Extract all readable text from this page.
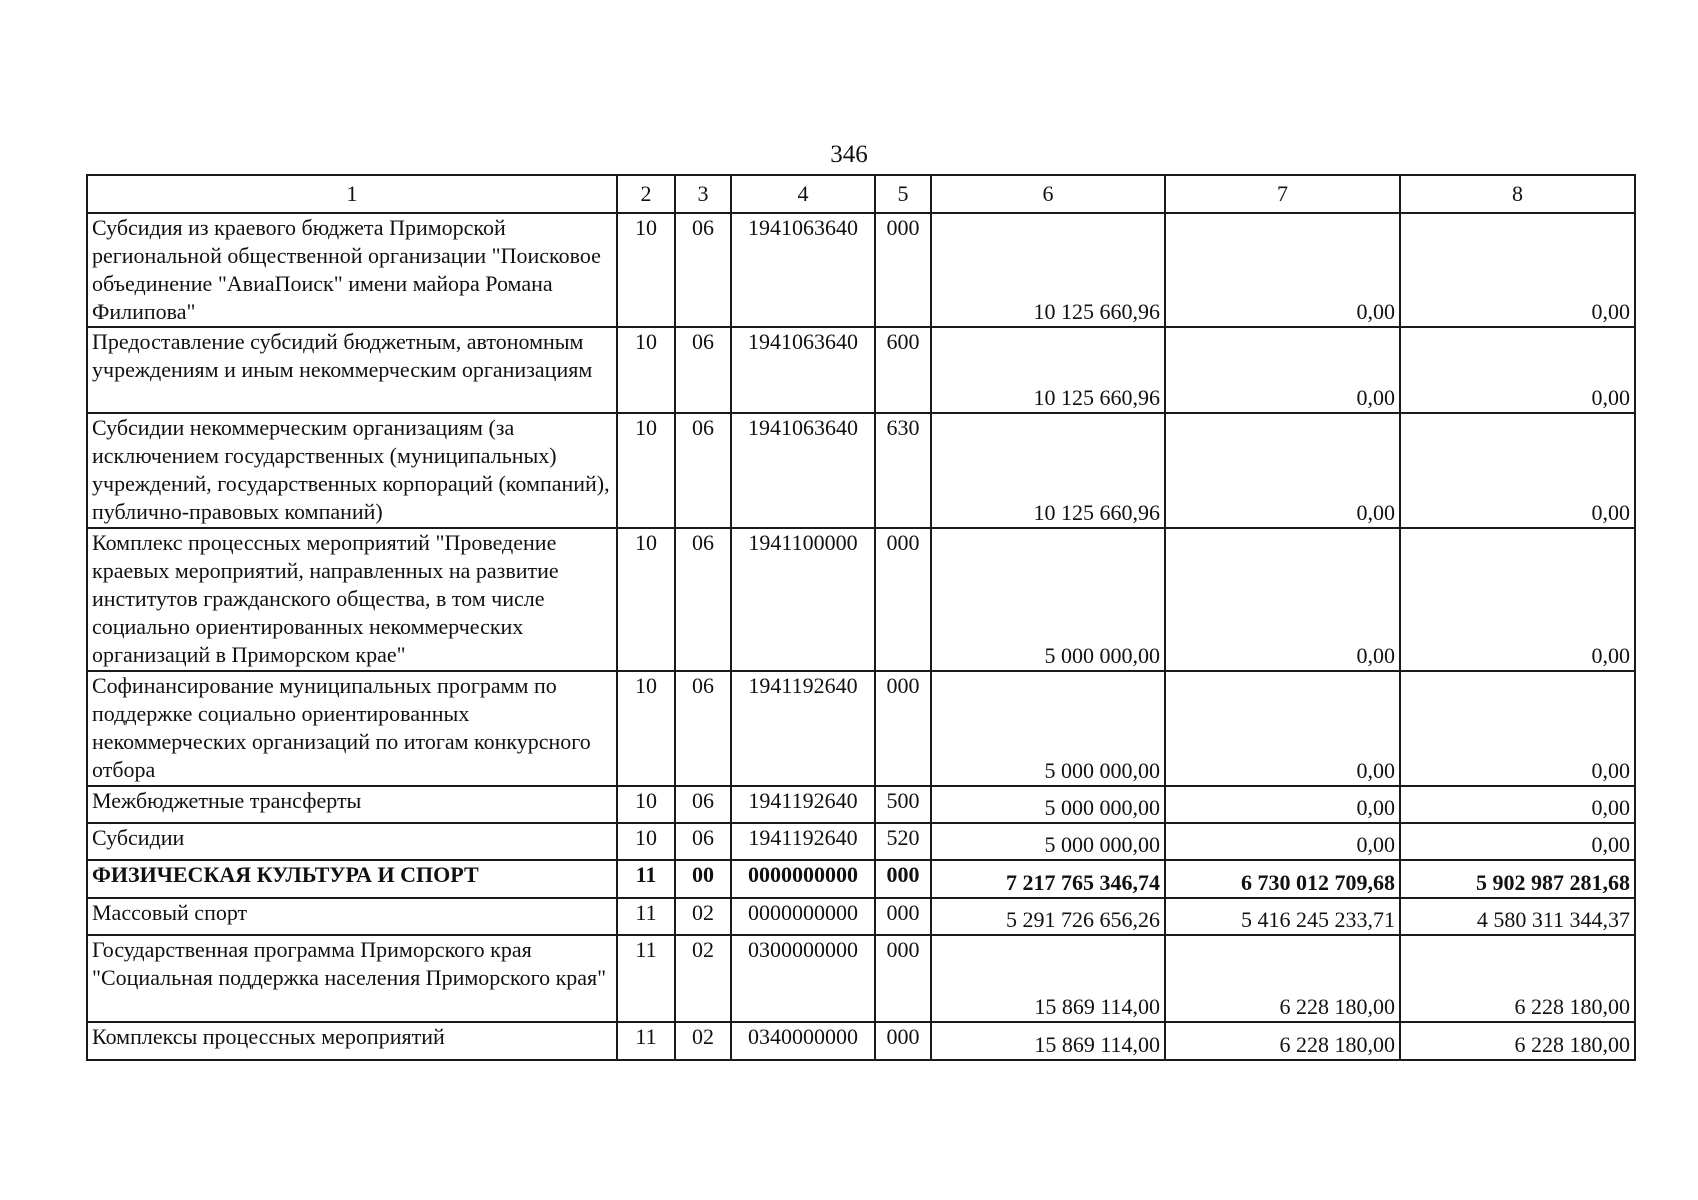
346
1	2	3	4	5	6	7	8
Субсидия из краевого бюджета Приморской региональной общественной организации "Поисковое объединение "АвиаПоиск" имени майора Романа Филипова"	10	06	1941063640	000	10 125 660,96	0,00	0,00
Предоставление субсидий бюджетным, автономным учреждениям и иным некоммерческим организациям	10	06	1941063640	600	10 125 660,96	0,00	0,00
Субсидии некоммерческим организациям (за исключением государственных (муниципальных) учреждений, государственных корпораций (компаний), публично-правовых компаний)	10	06	1941063640	630	10 125 660,96	0,00	0,00
Комплекс процессных мероприятий "Проведение краевых мероприятий, направленных на развитие институтов гражданского общества, в том числе социально ориентированных некоммерческих организаций в Приморском крае"	10	06	1941100000	000	5 000 000,00	0,00	0,00
Софинансирование муниципальных программ по поддержке социально ориентированных некоммерческих организаций по итогам конкурсного отбора	10	06	1941192640	000	5 000 000,00	0,00	0,00
Межбюджетные трансферты	10	06	1941192640	500	5 000 000,00	0,00	0,00
Субсидии	10	06	1941192640	520	5 000 000,00	0,00	0,00
ФИЗИЧЕСКАЯ КУЛЬТУРА И СПОРТ	11	00	0000000000	000	7 217 765 346,74	6 730 012 709,68	5 902 987 281,68
Массовый спорт	11	02	0000000000	000	5 291 726 656,26	5 416 245 233,71	4 580 311 344,37
Государственная программа Приморского края "Социальная поддержка населения Приморского края"	11	02	0300000000	000	15 869 114,00	6 228 180,00	6 228 180,00
Комплексы процессных мероприятий	11	02	0340000000	000	15 869 114,00	6 228 180,00	6 228 180,00
